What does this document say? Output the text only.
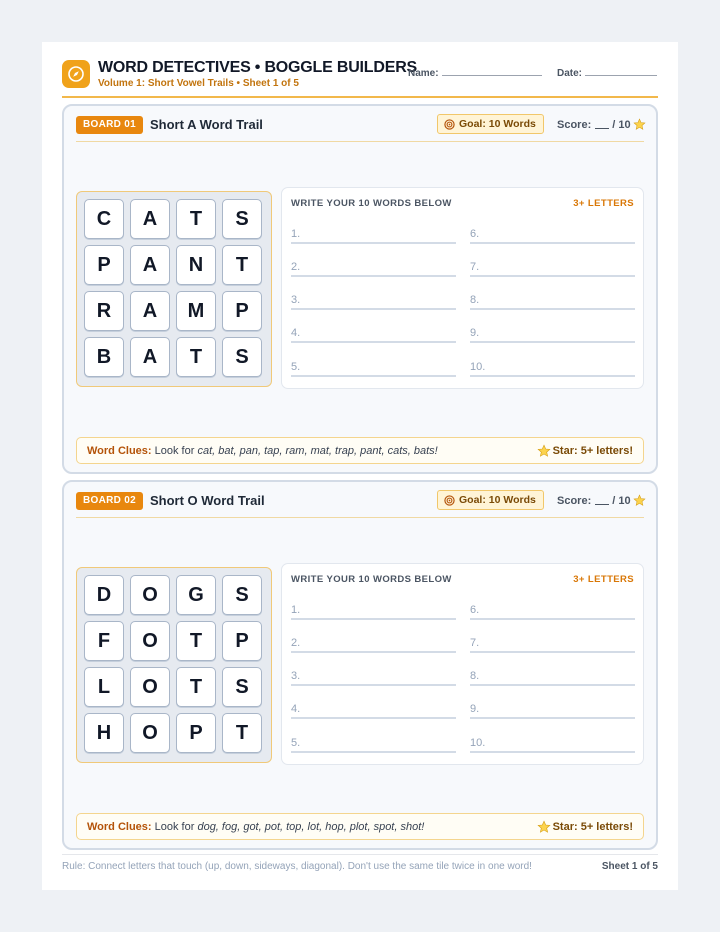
WORD DETECTIVES • BOGGLE BUILDERS
Volume 1: Short Vowel Trails • Sheet 1 of 5
Name:	Date:
BOARD 01	Short A Word Trail	Goal: 10 Words Score: / 10
C	A	T	S
P	A	N	T
R	A	M	P
B	A	T	S
WRITE YOUR 10 WORDS BELOW	3+ LETTERS
1.
2.
3.
4.
5.
6.
7.
8.
9.
10.
Word Clues: Look for cat, bat, pan, tap, ram, mat, trap, pant, cats, bats!	Star: 5+ letters!
BOARD 02	Short O Word Trail	Goal: 10 Words Score: / 10
D	O	G	S
F	O	T	P
L	O	T	S
H	O	P	T
WRITE YOUR 10 WORDS BELOW	3+ LETTERS
1.
2.
3.
4.
5.
6.
7.
8.
9.
10.
Word Clues: Look for dog, fog, got, pot, top, lot, hop, plot, spot, shot!	Star: 5+ letters!
Rule: Connect letters that touch (up, down, sideways, diagonal). Don't use the same tile twice in one word!	Sheet 1 of 5
